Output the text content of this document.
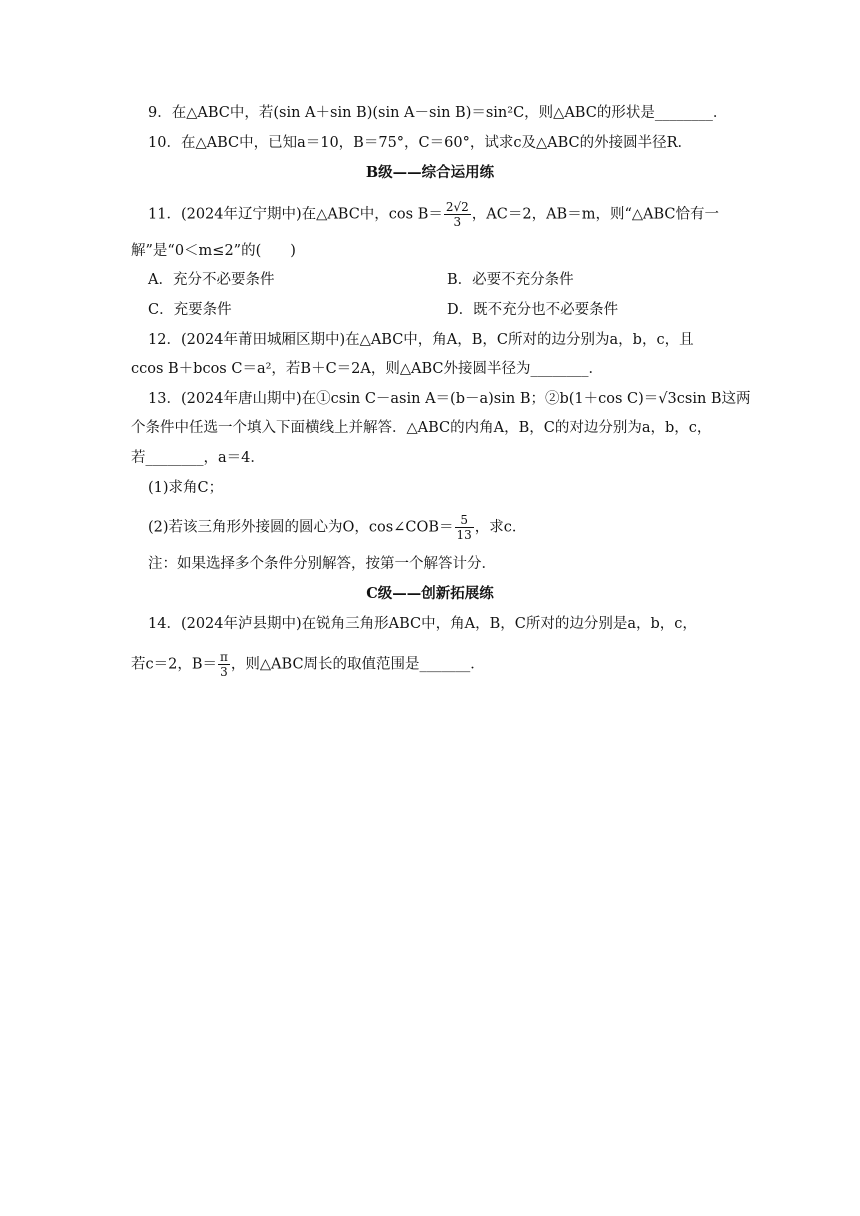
9．在△ABC中，若(sin A＋sin B)(sin A－sin B)＝sin²C，则△ABC的形状是________．
10．在△ABC中，已知a＝10，B＝75°，C＝60°，试求c及△ABC的外接圆半径R．
B级——综合运用练
11．(2024年辽宁期中)在△ABC中，$\cos B= \frac{2√2}{3}$ ，AC＝2，AB＝m，则“△ABC恰有一
解”是“0＜m≤2”的(　　)
A．充分不必要条件	B．必要不充分条件
C．充要条件	D．既不充分也不必要条件
12．(2024年莆田城厢区期中)在△ABC中，角A，B，C所对的边分别为a，b，c，且
ccos B＋bcos C＝a²，若B＋C＝2A，则△ABC外接圆半径为________．
13．(2024年唐山期中)在①csin C－asin A＝(b－a)sin B；②b(1＋cos C)＝√3csin B这两
个条件中任选一个填入下面横线上并解答．△ABC的内角A，B，C的对边分别为a，b，c，
若________，a＝4．
(1)求角C；
(2)若该三角形外接圆的圆心为O，cos∠COB＝ $\frac{5}{13}$ ，求c．
注：如果选择多个条件分别解答，按第一个解答计分．
C级——创新拓展练
14．(2024年泸县期中)在锐角三角形ABC中，角A，B，C所对的边分别是a，b，c，
若c＝2，$B= \frac{\pi}{3}$ ，则△ABC周长的取值范围是_______．
